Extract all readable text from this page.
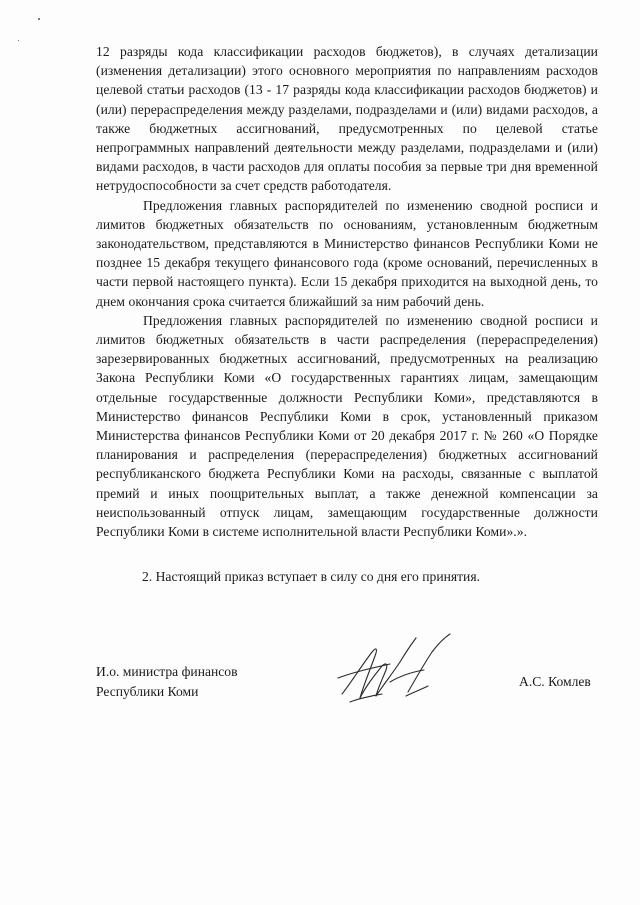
12 разряды кода классификации расходов бюджетов), в случаях детализации (изменения детализации) этого основного мероприятия по направлениям расходов целевой статьи расходов (13 - 17 разряды кода классификации расходов бюджетов) и (или) перераспределения между разделами, подразделами и (или) видами расходов, а также бюджетных ассигнований, предусмотренных по целевой статье непрограммных направлений деятельности между разделами, подразделами и (или) видами расходов, в части расходов для оплаты пособия за первые три дня временной нетрудоспособности за счет средств работодателя.

Предложения главных распорядителей по изменению сводной росписи и лимитов бюджетных обязательств по основаниям, установленным бюджетным законодательством, представляются в Министерство финансов Республики Коми не позднее 15 декабря текущего финансового года (кроме оснований, перечисленных в части первой настоящего пункта). Если 15 декабря приходится на выходной день, то днем окончания срока считается ближайший за ним рабочий день.

Предложения главных распорядителей по изменению сводной росписи и лимитов бюджетных обязательств в части распределения (перераспределения) зарезервированных бюджетных ассигнований, предусмотренных на реализацию Закона Республики Коми «О государственных гарантиях лицам, замещающим отдельные государственные должности Республики Коми», представляются в Министерство финансов Республики Коми в срок, установленный приказом Министерства финансов Республики Коми от 20 декабря 2017 г. № 260 «О Порядке планирования и распределения (перераспределения) бюджетных ассигнований республиканского бюджета Республики Коми на расходы, связанные с выплатой премий и иных поощрительных выплат, а также денежной компенсации за неиспользованный отпуск лицам, замещающим государственные должности Республики Коми в системе исполнительной власти Республики Коми».».

2. Настоящий приказ вступает в силу со дня его принятия.
И.о. министра финансов
Республики Коми
А.С. Комлев
